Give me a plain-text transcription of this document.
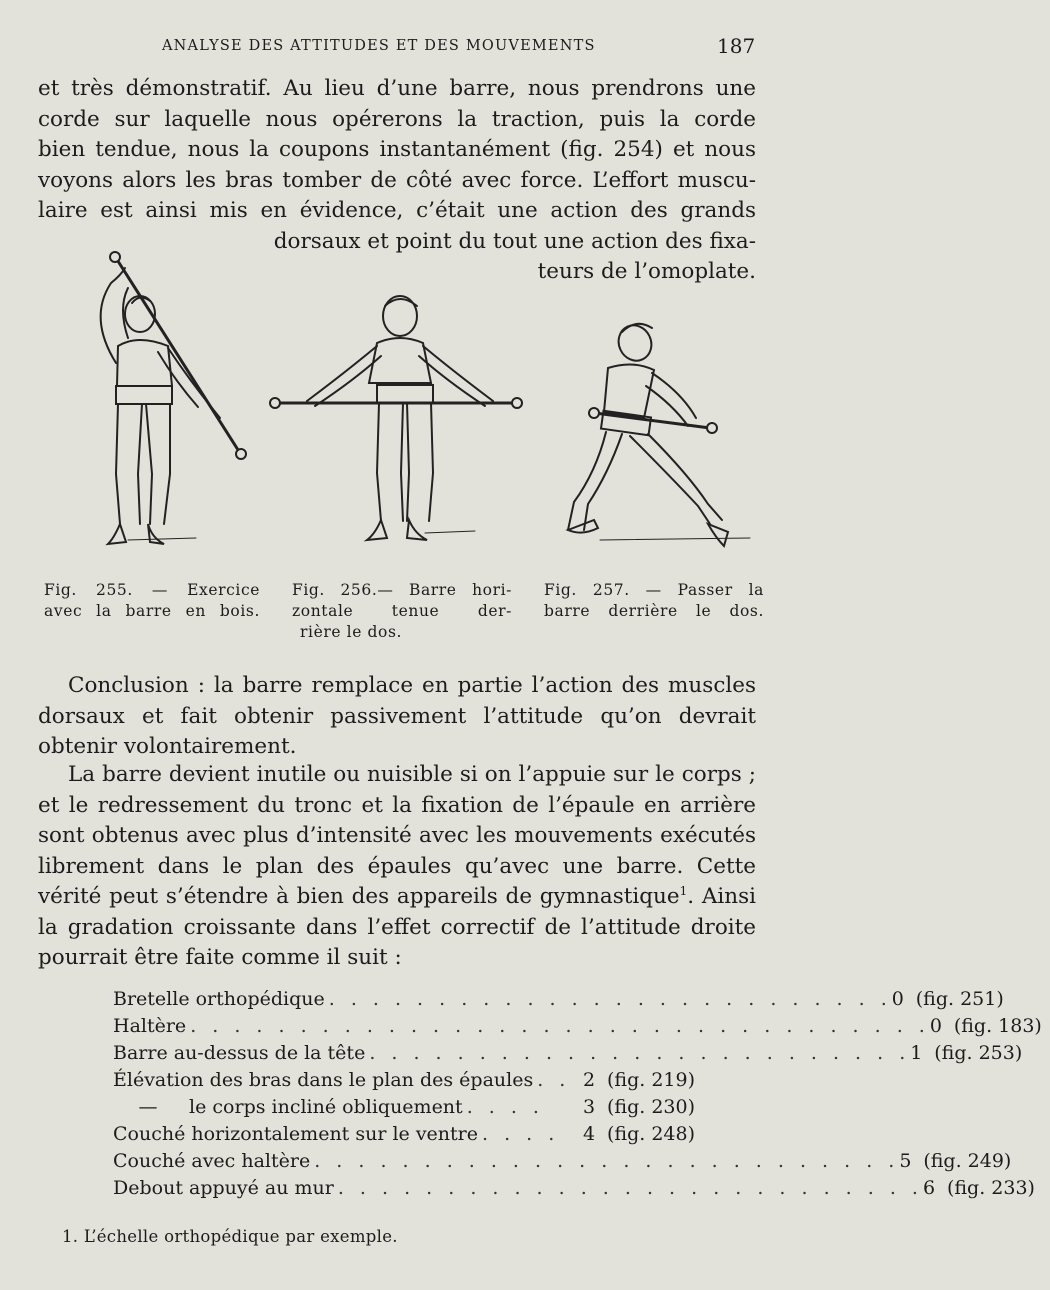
ANALYSE DES ATTITUDES ET DES MOUVEMENTS	187
et très démonstratif. Au lieu d’une barre, nous prendrons une
corde sur laquelle nous opérerons la traction, puis la corde
bien tendue, nous la coupons instantanément (fig. 254) et nous
voyons alors les bras tomber de côté avec force. L’effort muscu-
laire est ainsi mis en évidence, c’était une action des grands
dorsaux et point du tout une action des fixa-
teurs de l’omoplate.
Fig. 255. — Exercice
avec la barre en bois.
Fig. 256.— Barre hori-
zontale tenue der-
rière le dos.
Fig. 257. — Passer la
barre derrière le dos.
Conclusion : la barre remplace en partie l’action des muscles
dorsaux et fait obtenir passivement l’attitude qu’on devrait
obtenir volontairement.
La barre devient inutile ou nuisible si on l’appuie sur le corps ;
et le redressement du tronc et la fixation de l’épaule en arrière
sont obtenus avec plus d’intensité avec les mouvements exécutés
librement dans le plan des épaules qu’avec une barre. Cette
vérité peut s’étendre à bien des appareils de gymnastique$^1$. Ainsi
la gradation croissante dans l’effet correctif de l’attitude droite
pourrait être faite comme il suit :
Bretelle orthopédique . . . . . . . . . . . . . . . . . . . . . . . . . . 0 (fig. 251)
Haltère . . . . . . . . . . . . . . . . . . . . . . . . . . . . . . . . . . 0 (fig. 183)
Barre au-dessus de la tête . . . . . . . . . . . . . . . . . . . . . . . . . 1 (fig. 253)
Élévation des bras dans le plan des épaules . . 2 (fig. 219)
— le corps incliné obliquement . . . .	3 (fig. 230)
Couché horizontalement sur le ventre . . . .	4 (fig. 248)
Couché avec haltère . . . . . . . . . . . . . . . . . . . . . . . . . . . 5 (fig. 249)
Debout appuyé au mur . . . . . . . . . . . . . . . . . . . . . . . . . . . 6 (fig. 233)
1. L’échelle orthopédique par exemple.
